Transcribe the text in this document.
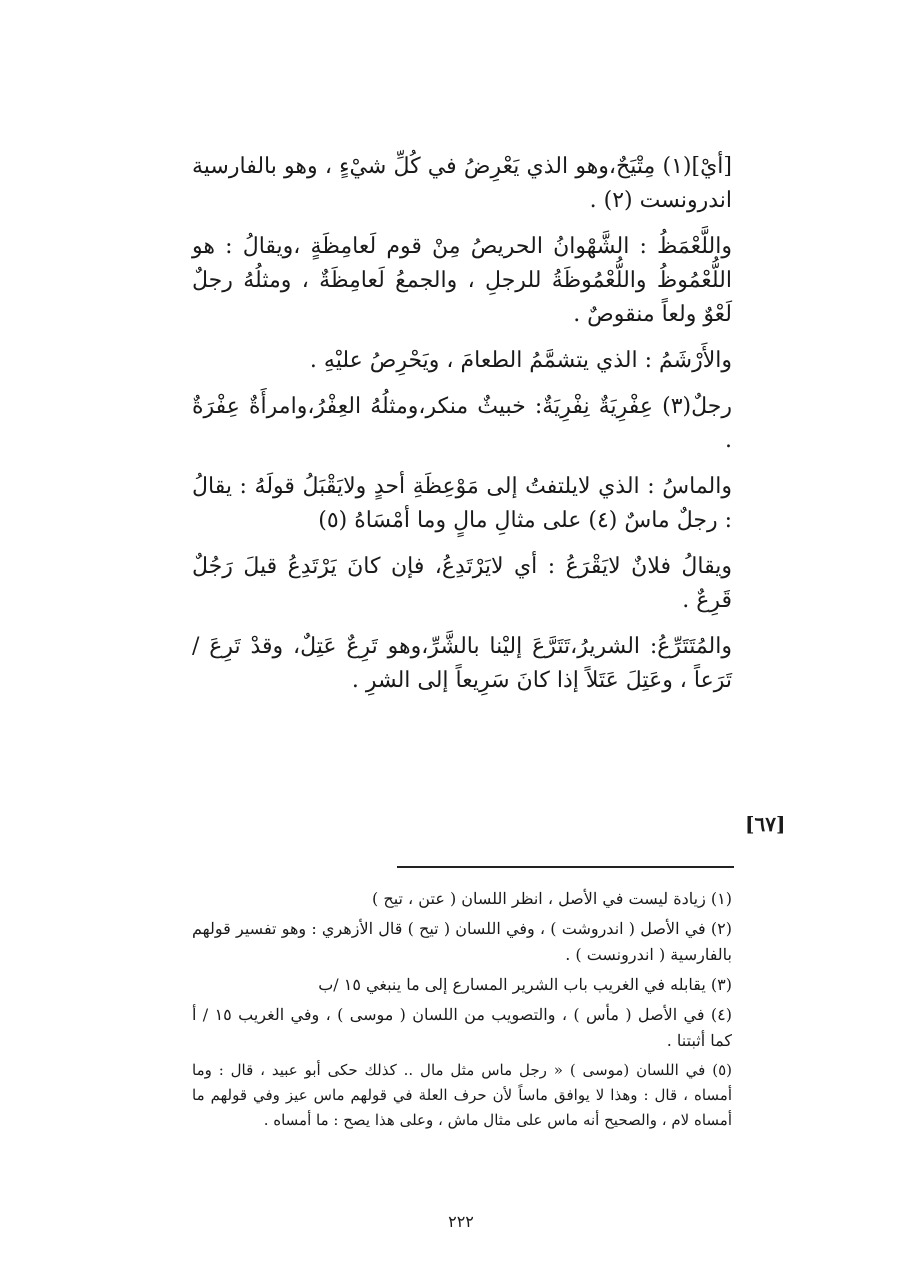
[أيْ](١) مِتْيَحٌ،وهو الذي يَعْرِضُ في كُلِّ شيْءٍ ، وهو بالفارسية اندرونست (٢) .

واللَّعْمَظُ : الشَّهْوانُ الحريصُ مِنْ قوم لَعامِظَةٍ ،ويقالُ : هو اللُّعْمُوظُ واللُّعْمُوظَةُ للرجلِ ، والجمعُ لَعامِظَةٌ ، ومثلُهُ رجلٌ لَعْوٌ ولعاً منقوصٌ .

والأَرْشَمُ : الذي يتشمَّمُ الطعامَ ، ويَحْرِصُ عليْهِ .

رجلٌ(٣) عِفْرِيَةٌ نِفْرِيَةٌ: خبيثٌ منكر،ومثلُهُ العِفْرُ،وامرأَةٌ عِفْرَةٌ .

والماسُ : الذي لايلتفتُ إلى مَوْعِظَةِ أحدٍ ولايَقْبَلُ قولَهُ : يقالُ : رجلٌ ماسٌ (٤) على مثالِ مالٍ وما أمْسَاهُ (٥)

ويقالُ فلانٌ لايَقْرَعُ : أي لايَرْتَدِعُ، فإن كانَ يَرْتَدِعُ قيلَ رَجُلٌ قَرِعٌ .

والمُتَتَرِّعُ: الشريرُ،تَتَرَّعَ إليْنا بالشَّرِّ،وهو تَرِعٌ عَتِلٌ، وقدْ تَرِعَ / تَرَعاً ، وعَتِلَ عَتَلاً إذا كانَ سَرِيعاً إلى الشرِ .

[٦٧]

(١) زيادة ليست في الأصل ، انظر اللسان ( عتن ، تيح )

(٢) في الأصل ( اندروشت ) ، وفي اللسان ( تيح ) قال الأزهري : وهو تفسير قولهم بالفارسية ( اندرونست ) .

(٣) يقابله في الغريب باب الشرير المسارع إلى ما ينبغي ١٥ /ب

(٤) في الأصل ( مأس ) ، والتصويب من اللسان ( موسى ) ، وفي الغريب ١٥ / أ كما أثبتنا .

(٥) في اللسان (موسى ) « رجل ماس مثل مال .. كذلك حكى أبو عبيد ، قال : وما أمساه ، قال : وهذا لا يوافق ماساً لأن حرف العلة في قولهم ماس عيز وفي قولهم ما أمساه لام ، والصحيح أنه ماس على مثال ماش ، وعلى هذا يصح : ما أمساه .

٢٢٢
